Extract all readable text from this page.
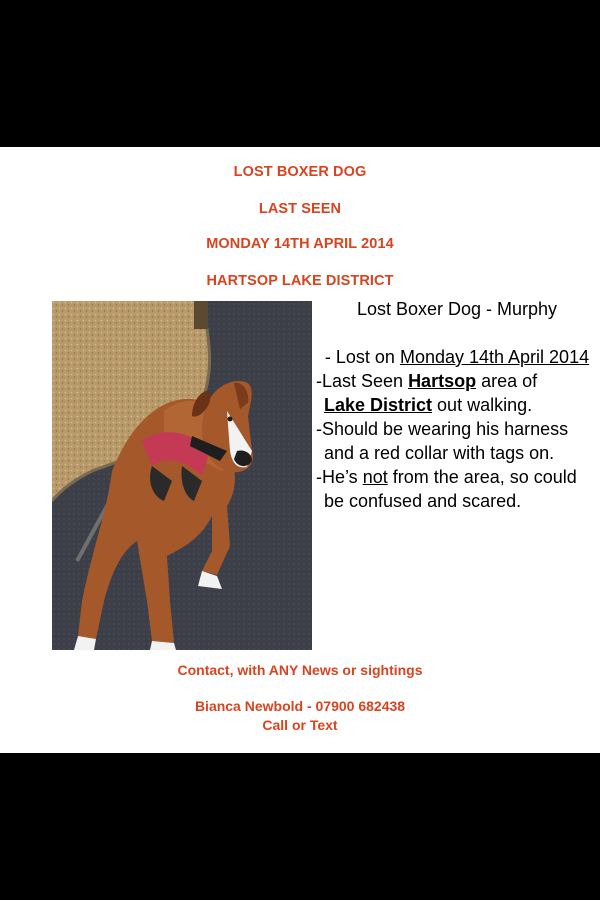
LOST BOXER DOG
LAST SEEN
MONDAY 14TH APRIL 2014
HARTSOP LAKE DISTRICT
Lost Boxer Dog - Murphy
- Lost on Monday 14th April 2014
-Last Seen Hartsop area of
Lake District out walking.
-Should be wearing his harness and a red collar with tags on.
-He’s not from the area, so could be confused and scared.
Contact, with ANY News or sightings
Bianca Newbold - 07900 682438
Call or Text
